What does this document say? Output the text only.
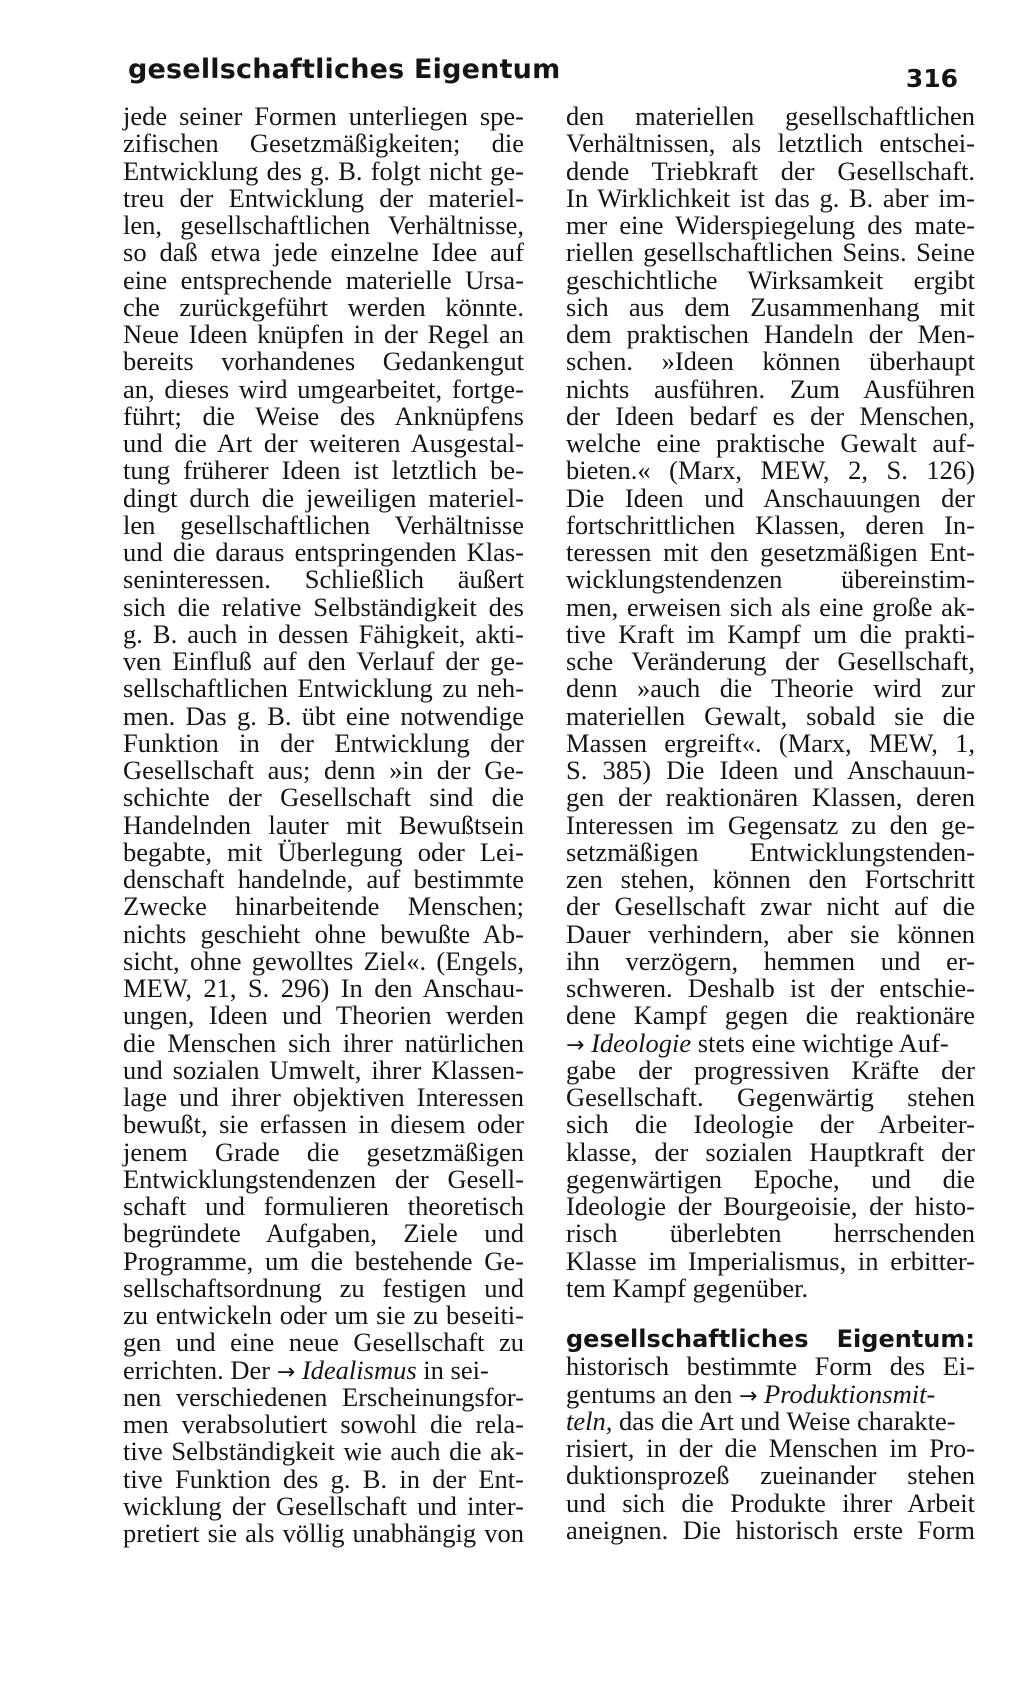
gesellschaftliches Eigentum	316
jede seiner Formen unterliegen spe-
zifischen Gesetzmäßigkeiten; die
Entwicklung des g. B. folgt nicht ge-
treu der Entwicklung der materiel-
len, gesellschaftlichen Verhältnisse,
so daß etwa jede einzelne Idee auf
eine entsprechende materielle Ursa-
che zurückgeführt werden könnte.
Neue Ideen knüpfen in der Regel an
bereits vorhandenes Gedankengut
an, dieses wird umgearbeitet, fortge-
führt; die Weise des Anknüpfens
und die Art der weiteren Ausgestal-
tung früherer Ideen ist letztlich be-
dingt durch die jeweiligen materiel-
len gesellschaftlichen Verhältnisse
und die daraus entspringenden Klas-
seninteressen. Schließlich äußert
sich die relative Selbständigkeit des
g. B. auch in dessen Fähigkeit, akti-
ven Einfluß auf den Verlauf der ge-
sellschaftlichen Entwicklung zu neh-
men. Das g. B. übt eine notwendige
Funktion in der Entwicklung der
Gesellschaft aus; denn »in der Ge-
schichte der Gesellschaft sind die
Handelnden lauter mit Bewußtsein
begabte, mit Überlegung oder Lei-
denschaft handelnde, auf bestimmte
Zwecke hinarbeitende Menschen;
nichts geschieht ohne bewußte Ab-
sicht, ohne gewolltes Ziel«. (Engels,
MEW, 21, S. 296) In den Anschau-
ungen, Ideen und Theorien werden
die Menschen sich ihrer natürlichen
und sozialen Umwelt, ihrer Klassen-
lage und ihrer objektiven Interessen
bewußt, sie erfassen in diesem oder
jenem Grade die gesetzmäßigen
Entwicklungstendenzen der Gesell-
schaft und formulieren theoretisch
begründete Aufgaben, Ziele und
Programme, um die bestehende Ge-
sellschaftsordnung zu festigen und
zu entwickeln oder um sie zu beseiti-
gen und eine neue Gesellschaft zu
errichten. Der → Idealismus in sei-
nen verschiedenen Erscheinungsfor-
men verabsolutiert sowohl die rela-
tive Selbständigkeit wie auch die ak-
tive Funktion des g. B. in der Ent-
wicklung der Gesellschaft und inter-
pretiert sie als völlig unabhängig von
den materiellen gesellschaftlichen
Verhältnissen, als letztlich entschei-
dende Triebkraft der Gesellschaft.
In Wirklichkeit ist das g. B. aber im-
mer eine Widerspiegelung des mate-
riellen gesellschaftlichen Seins. Seine
geschichtliche Wirksamkeit ergibt
sich aus dem Zusammenhang mit
dem praktischen Handeln der Men-
schen. »Ideen können überhaupt
nichts ausführen. Zum Ausführen
der Ideen bedarf es der Menschen,
welche eine praktische Gewalt auf-
bieten.« (Marx, MEW, 2, S. 126)
Die Ideen und Anschauungen der
fortschrittlichen Klassen, deren In-
teressen mit den gesetzmäßigen Ent-
wicklungstendenzen übereinstim-
men, erweisen sich als eine große ak-
tive Kraft im Kampf um die prakti-
sche Veränderung der Gesellschaft,
denn »auch die Theorie wird zur
materiellen Gewalt, sobald sie die
Massen ergreift«. (Marx, MEW, 1,
S. 385) Die Ideen und Anschauun-
gen der reaktionären Klassen, deren
Interessen im Gegensatz zu den ge-
setzmäßigen Entwicklungstenden-
zen stehen, können den Fortschritt
der Gesellschaft zwar nicht auf die
Dauer verhindern, aber sie können
ihn verzögern, hemmen und er-
schweren. Deshalb ist der entschie-
dene Kampf gegen die reaktionäre
→ Ideologie stets eine wichtige Auf-
gabe der progressiven Kräfte der
Gesellschaft. Gegenwärtig stehen
sich die Ideologie der Arbeiter-
klasse, der sozialen Hauptkraft der
gegenwärtigen Epoche, und die
Ideologie der Bourgeoisie, der histo-
risch überlebten herrschenden
Klasse im Imperialismus, in erbitter-
tem Kampf gegenüber.
gesellschaftliches Eigentum:
historisch bestimmte Form des Ei-
gentums an den → Produktionsmit-
teln, das die Art und Weise charakte-
risiert, in der die Menschen im Pro-
duktionsprozeß zueinander stehen
und sich die Produkte ihrer Arbeit
aneignen. Die historisch erste Form
